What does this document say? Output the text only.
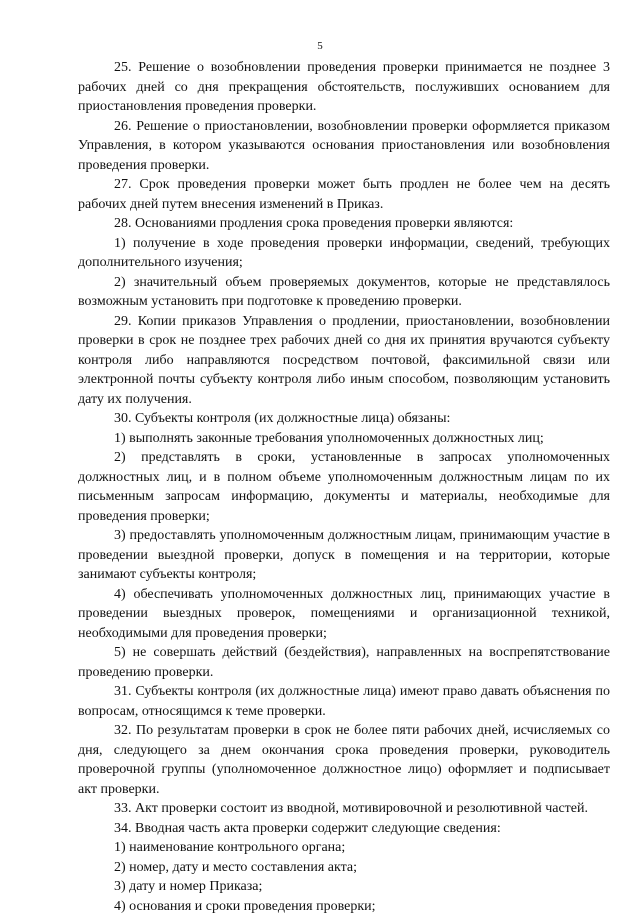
5

25. Решение о возобновлении проведения проверки принимается не позднее 3 рабочих дней со дня прекращения обстоятельств, послуживших основанием для приостановления проведения проверки.

26. Решение о приостановлении, возобновлении проверки оформляется приказом Управления, в котором указываются основания приостановления или возобновления проведения проверки.

27. Срок проведения проверки может быть продлен не более чем на десять рабочих дней путем внесения изменений в Приказ.

28. Основаниями продления срока проведения проверки являются:

1) получение в ходе проведения проверки информации, сведений, требующих дополнительного изучения;

2) значительный объем проверяемых документов, которые не представлялось возможным установить при подготовке к проведению проверки.

29. Копии приказов Управления о продлении, приостановлении, возобновлении проверки в срок не позднее трех рабочих дней со дня их принятия вручаются субъекту контроля либо направляются посредством почтовой, факсимильной связи или электронной почты субъекту контроля либо иным способом, позволяющим установить дату их получения.

30. Субъекты контроля (их должностные лица) обязаны:

1) выполнять законные требования уполномоченных должностных лиц;

2) представлять в сроки, установленные в запросах уполномоченных должностных лиц, и в полном объеме уполномоченным должностным лицам по их письменным запросам информацию, документы и материалы, необходимые для проведения проверки;

3) предоставлять уполномоченным должностным лицам, принимающим участие в проведении выездной проверки, допуск в помещения и на территории, которые занимают субъекты контроля;

4) обеспечивать уполномоченных должностных лиц, принимающих участие в проведении выездных проверок, помещениями и организационной техникой, необходимыми для проведения проверки;

5) не совершать действий (бездействия), направленных на воспрепятствование проведению проверки.

31. Субъекты контроля (их должностные лица) имеют право давать объяснения по вопросам, относящимся к теме проверки.

32. По результатам проверки в срок не более пяти рабочих дней, исчисляемых со дня, следующего за днем окончания срока проведения проверки, руководитель проверочной группы (уполномоченное должностное лицо) оформляет и подписывает акт проверки.

33. Акт проверки состоит из вводной, мотивировочной и резолютивной частей.

34. Вводная часть акта проверки содержит следующие сведения:

1) наименование контрольного органа;

2) номер, дату и место составления акта;

3) дату и номер Приказа;

4) основания и сроки проведения проверки;
